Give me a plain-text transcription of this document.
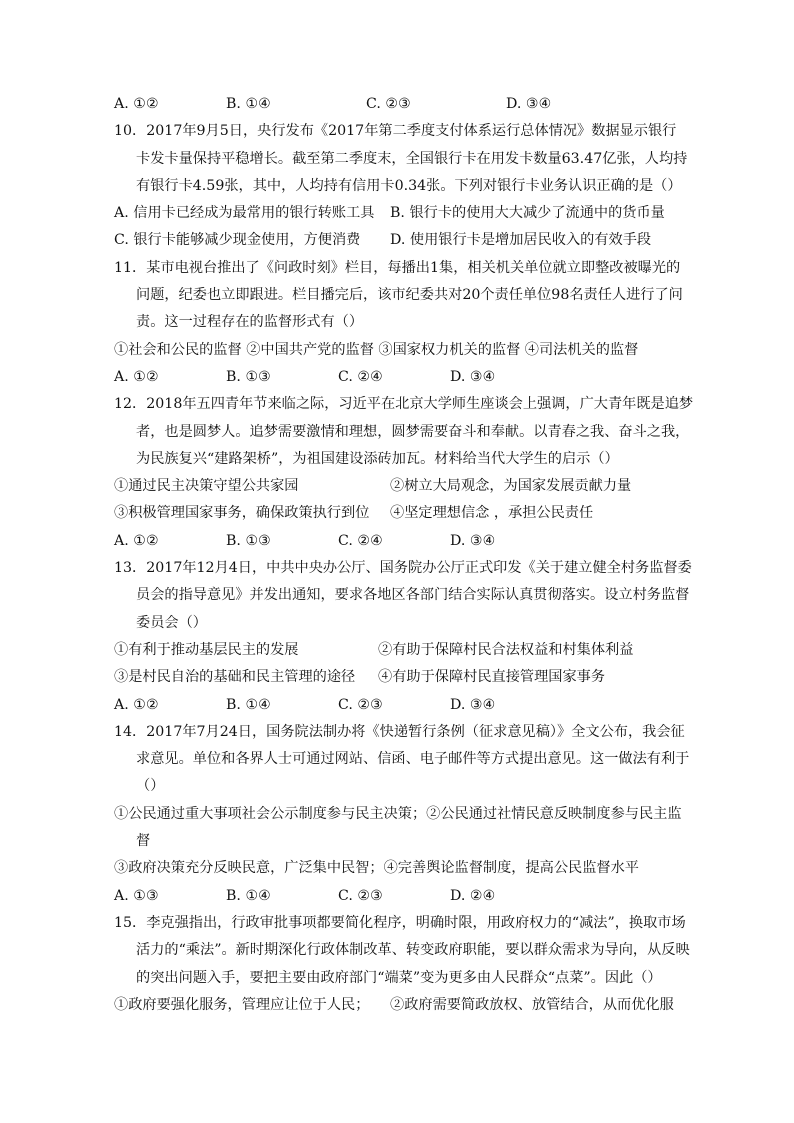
A. ①②	B. ①④	C. ②③	D. ③④
10．2017年9月5日，央行发布《2017年第二季度支付体系运行总体情况》数据显示银行
卡发卡量保持平稳增长。截至第二季度末，全国银行卡在用发卡数量63.47亿张，人均持
有银行卡4.59张，其中，人均持有信用卡0.34张。下列对银行卡业务认识正确的是（）
A. 信用卡已经成为最常用的银行转账工具 B. 银行卡的使用大大减少了流通中的货币量
C. 银行卡能够减少现金使用，方便消费 D. 使用银行卡是增加居民收入的有效手段
11．某市电视台推出了《问政时刻》栏目，每播出1集，相关机关单位就立即整改被曝光的
问题，纪委也立即跟进。栏目播完后，该市纪委共对20个责任单位98名责任人进行了问
责。这一过程存在的监督形式有（）
①社会和公民的监督 ②中国共产党的监督 ③国家权力机关的监督 ④司法机关的监督
A. ①②	B. ①③	C. ②④	D. ③④
12．2018年五四青年节来临之际，习近平在北京大学师生座谈会上强调，广大青年既是追梦
者，也是圆梦人。追梦需要激情和理想，圆梦需要奋斗和奉献。以青春之我、奋斗之我，
为民族复兴“建路架桥”，为祖国建设添砖加瓦。材料给当代大学生的启示（）
①通过民主决策守望公共家园	②树立大局观念，为国家发展贡献力量
③积极管理国家事务，确保政策执行到位 ④坚定理想信念 ，承担公民责任
A. ①②	B. ①③	C. ②④	D. ③④
13．2017年12月4日，中共中央办公厅、国务院办公厅正式印发《关于建立健全村务监督委
员会的指导意见》并发出通知，要求各地区各部门结合实际认真贯彻落实。设立村务监督
委员会（）
①有利于推动基层民主的发展	②有助于保障村民合法权益和村集体利益
③是村民自治的基础和民主管理的途径 ④有助于保障村民直接管理国家事务
A. ①②	B. ①④	C. ②③	D. ③④
14．2017年7月24日，国务院法制办将《快递暂行条例（征求意见稿）》全文公布，我会征
求意见。单位和各界人士可通过网站、信函、电子邮件等方式提出意见。这一做法有利于
（）
①公民通过重大事项社会公示制度参与民主决策；②公民通过社情民意反映制度参与民主监
督
③政府决策充分反映民意，广泛集中民智；④完善舆论监督制度，提高公民监督水平
A. ①③	B. ①④	C. ②③	D. ②④
15．李克强指出，行政审批事项都要简化程序，明确时限，用政府权力的“减法”，换取市场
活力的“乘法”。新时期深化行政体制改革、转变政府职能，要以群众需求为导向，从反映
的突出问题入手，要把主要由政府部门“端菜”变为更多由人民群众“点菜”。因此（）
①政府要强化服务，管理应让位于人民； ②政府需要简政放权、放管结合，从而优化服
